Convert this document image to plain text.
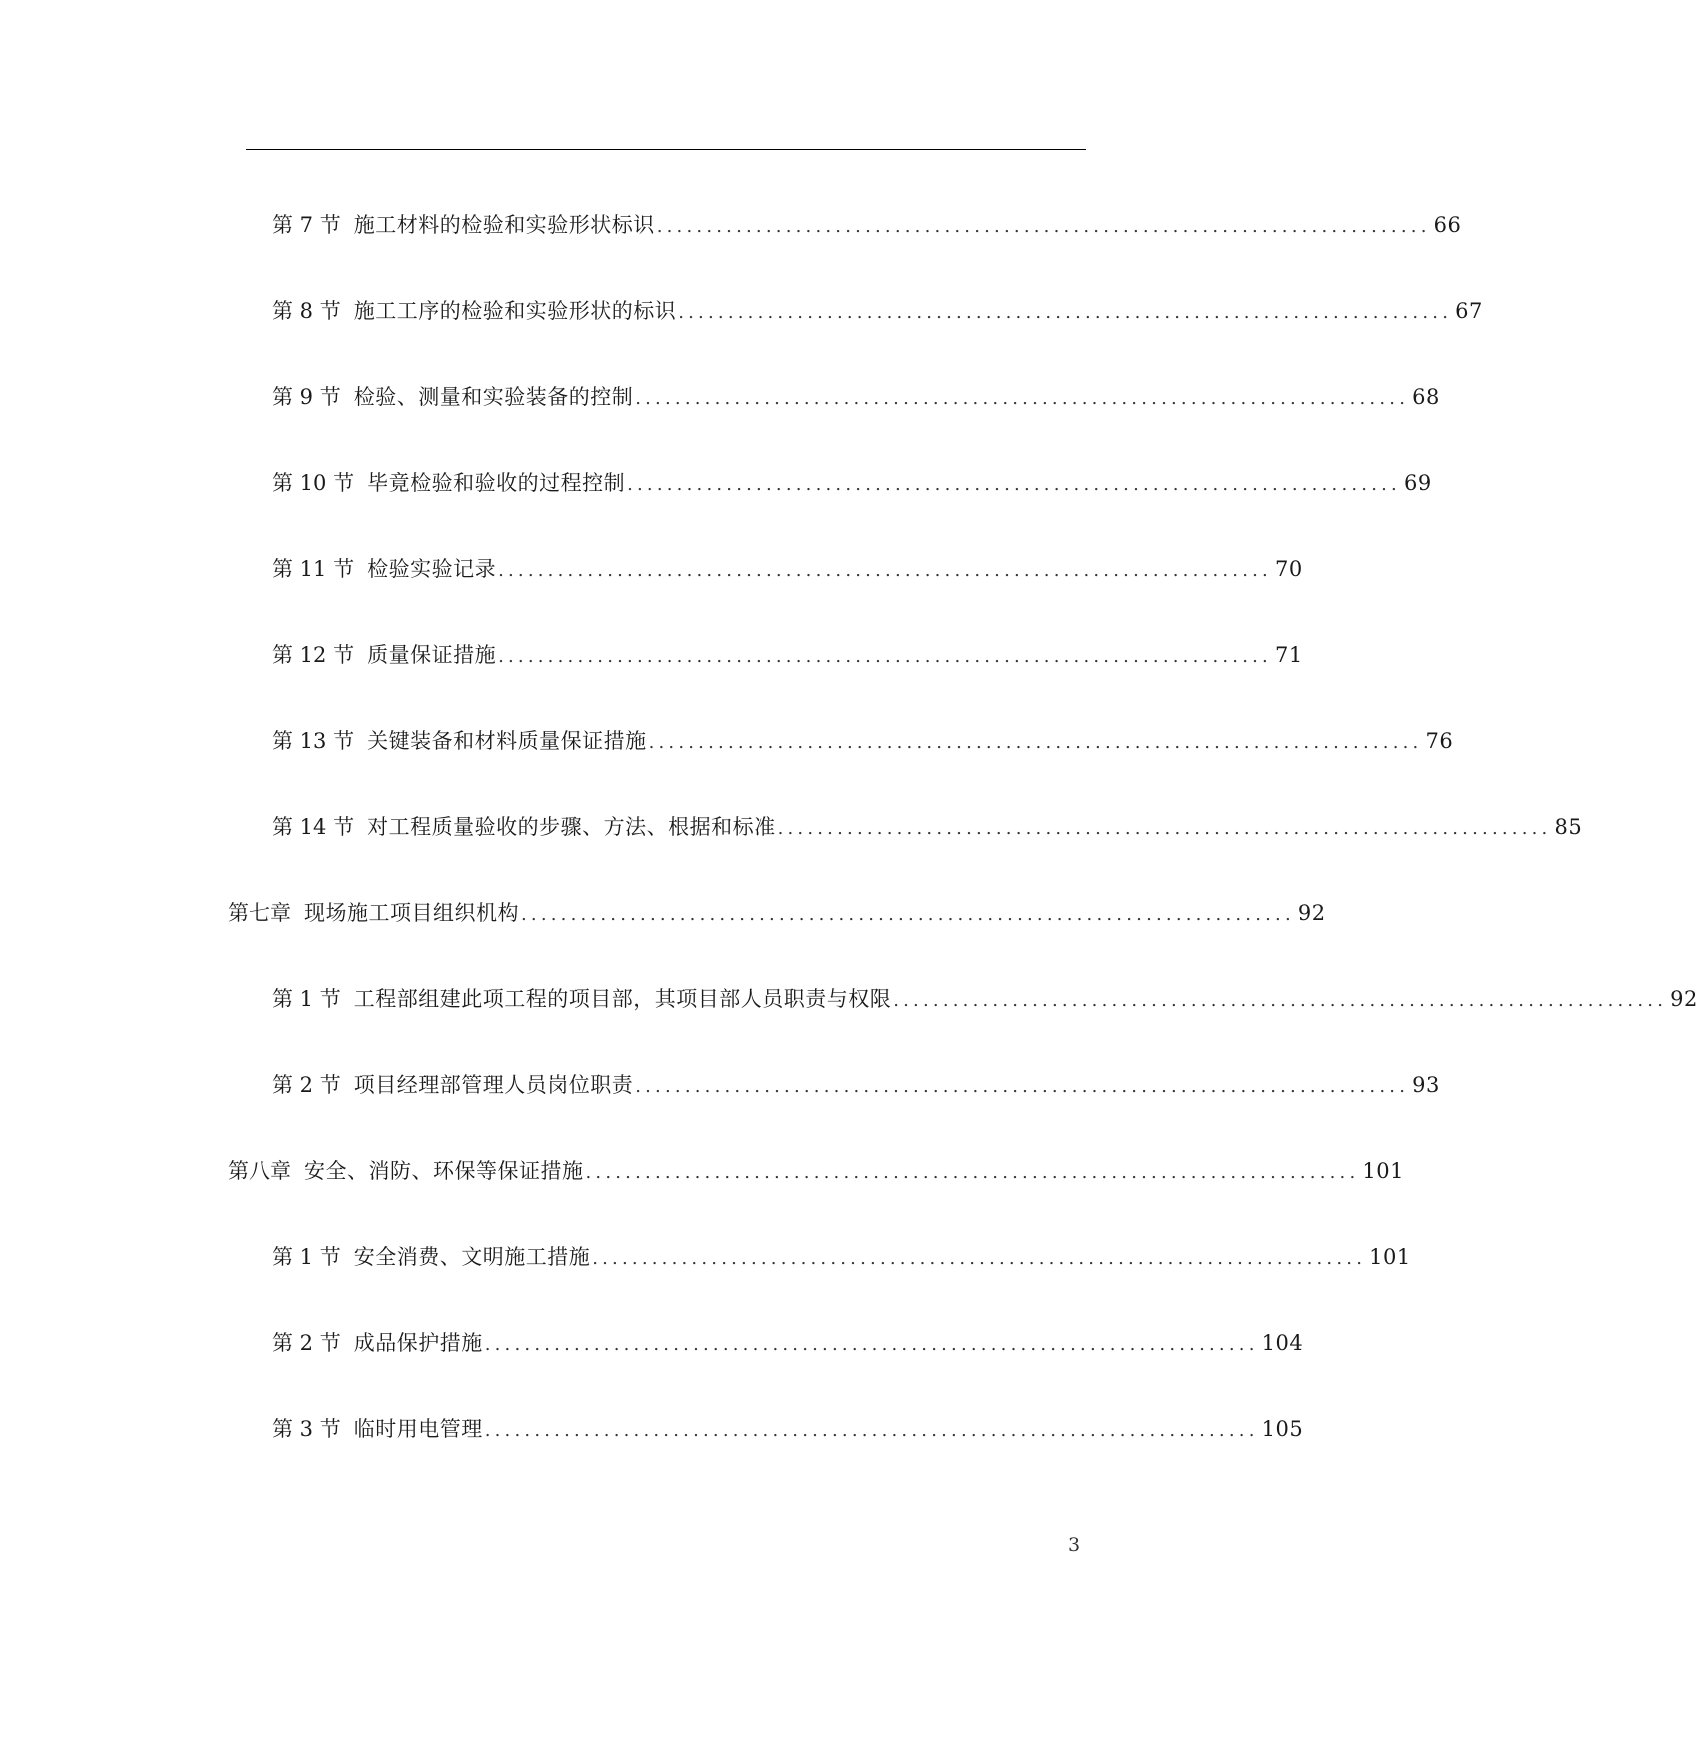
第 7 节 施工材料的检验和实验形状标识 .............................................................................. 66
第 8 节 施工工序的检验和实验形状的标识 .............................................................................. 67
第 9 节 检验、测量和实验装备的控制 .............................................................................. 68
第 10 节 毕竟检验和验收的过程控制 .............................................................................. 69
第 11 节 检验实验记录 .............................................................................. 70
第 12 节 质量保证措施 .............................................................................. 71
第 13 节 关键装备和材料质量保证措施 .............................................................................. 76
第 14 节 对工程质量验收的步骤、方法、根据和标准 .............................................................................. 85
第七章 现场施工项目组织机构 .............................................................................. 92
第 1 节 工程部组建此项工程的项目部，其项目部人员职责与权限 .............................................................................. 92
第 2 节 项目经理部管理人员岗位职责 .............................................................................. 93
第八章 安全、消防、环保等保证措施 .............................................................................. 101
第 1 节 安全消费、文明施工措施 .............................................................................. 101
第 2 节 成品保护措施 .............................................................................. 104
第 3 节 临时用电管理 .............................................................................. 105
3
